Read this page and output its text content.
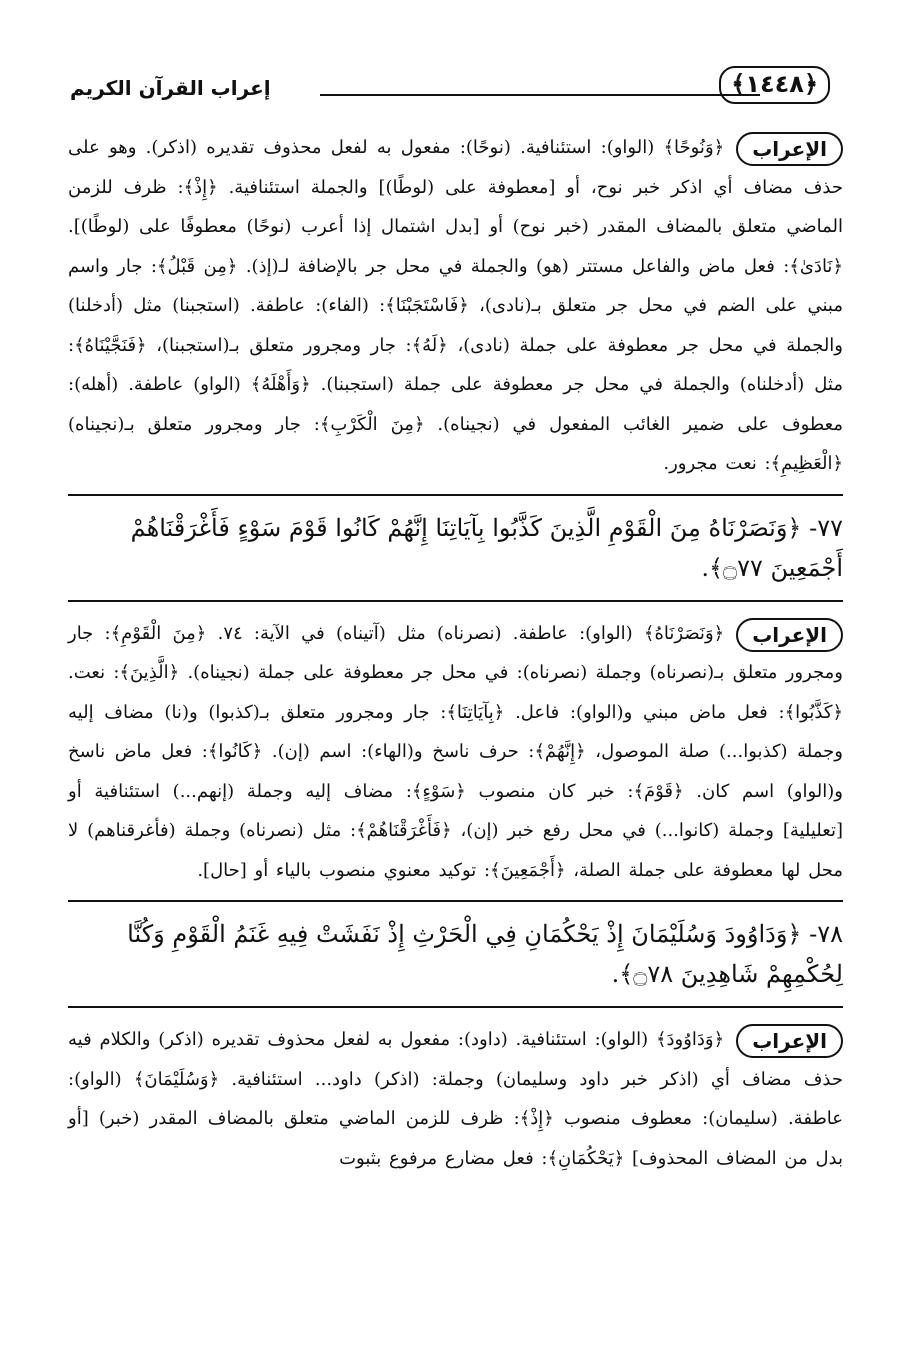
إعراب القرآن الكريم	﴿١٤٤٨﴾

الإعراب
﴿وَنُوحًا﴾ (الواو): استئنافية. (نوحًا): مفعول به لفعل محذوف تقديره (اذكر). وهو على حذف مضاف أي اذكر خبر نوح، أو [معطوفة على (لوطًا)] والجملة استئنافية. ﴿إِذْ﴾: ظرف للزمن الماضي متعلق بالمضاف المقدر (خبر نوح) أو [بدل اشتمال إذا أعرب (نوحًا) معطوفًا على (لوطًا)]. ﴿نَادَىٰ﴾: فعل ماض والفاعل مستتر (هو) والجملة في محل جر بالإضافة لـ(إذ). ﴿مِن قَبْلُ﴾: جار واسم مبني على الضم في محل جر متعلق بـ(نادى)، ﴿فَاسْتَجَبْنَا﴾: (الفاء): عاطفة. (استجبنا) مثل (أدخلنا) والجملة في محل جر معطوفة على جملة (نادى)، ﴿لَهُ﴾: جار ومجرور متعلق بـ(استجبنا)، ﴿فَنَجَّيْنَاهُ﴾: مثل (أدخلناه) والجملة في محل جر معطوفة على جملة (استجبنا). ﴿وَأَهْلَهُ﴾ (الواو) عاطفة. (أهله): معطوف على ضمير الغائب المفعول في (نجيناه). ﴿مِنَ الْكَرْبِ﴾: جار ومجرور متعلق بـ(نجيناه) ﴿الْعَظِيمِ﴾: نعت مجرور.

٧٧- ﴿وَنَصَرْنَاهُ مِنَ الْقَوْمِ الَّذِينَ كَذَّبُوا بِآيَاتِنَا إِنَّهُمْ كَانُوا قَوْمَ سَوْءٍ فَأَغْرَقْنَاهُمْ أَجْمَعِينَ ۝٧٧﴾.

الإعراب
﴿وَنَصَرْنَاهُ﴾ (الواو): عاطفة. (نصرناه) مثل (آتيناه) في الآية: ٧٤. ﴿مِنَ الْقَوْمِ﴾: جار ومجرور متعلق بـ(نصرناه) وجملة (نصرناه): في محل جر معطوفة على جملة (نجيناه). ﴿الَّذِينَ﴾: نعت. ﴿كَذَّبُوا﴾: فعل ماض مبني و(الواو): فاعل. ﴿بِآيَاتِنَا﴾: جار ومجرور متعلق بـ(كذبوا) و(نا) مضاف إليه وجملة (كذبوا...) صلة الموصول، ﴿إِنَّهُمْ﴾: حرف ناسخ و(الهاء): اسم (إن). ﴿كَانُوا﴾: فعل ماض ناسخ و(الواو) اسم كان. ﴿قَوْمَ﴾: خبر كان منصوب ﴿سَوْءٍ﴾: مضاف إليه وجملة (إنهم...) استئنافية أو [تعليلية] وجملة (كانوا...) في محل رفع خبر (إن)، ﴿فَأَغْرَقْنَاهُمْ﴾: مثل (نصرناه) وجملة (فأغرقناهم) لا محل لها معطوفة على جملة الصلة، ﴿أَجْمَعِينَ﴾: توكيد معنوي منصوب بالياء أو [حال].

٧٨- ﴿وَدَاوُودَ وَسُلَيْمَانَ إِذْ يَحْكُمَانِ فِي الْحَرْثِ إِذْ نَفَشَتْ فِيهِ غَنَمُ الْقَوْمِ وَكُنَّا لِحُكْمِهِمْ شَاهِدِينَ ۝٧٨﴾.

الإعراب
﴿وَدَاوُودَ﴾ (الواو): استئنافية. (داود): مفعول به لفعل محذوف تقديره (اذكر) والكلام فيه حذف مضاف أي (اذكر خبر داود وسليمان) وجملة: (اذكر) داود... استئنافية. ﴿وَسُلَيْمَانَ﴾ (الواو): عاطفة. (سليمان): معطوف منصوب ﴿إِذْ﴾: ظرف للزمن الماضي متعلق بالمضاف المقدر (خبر) [أو بدل من المضاف المحذوف] ﴿يَحْكُمَانِ﴾: فعل مضارع مرفوع بثبوت
